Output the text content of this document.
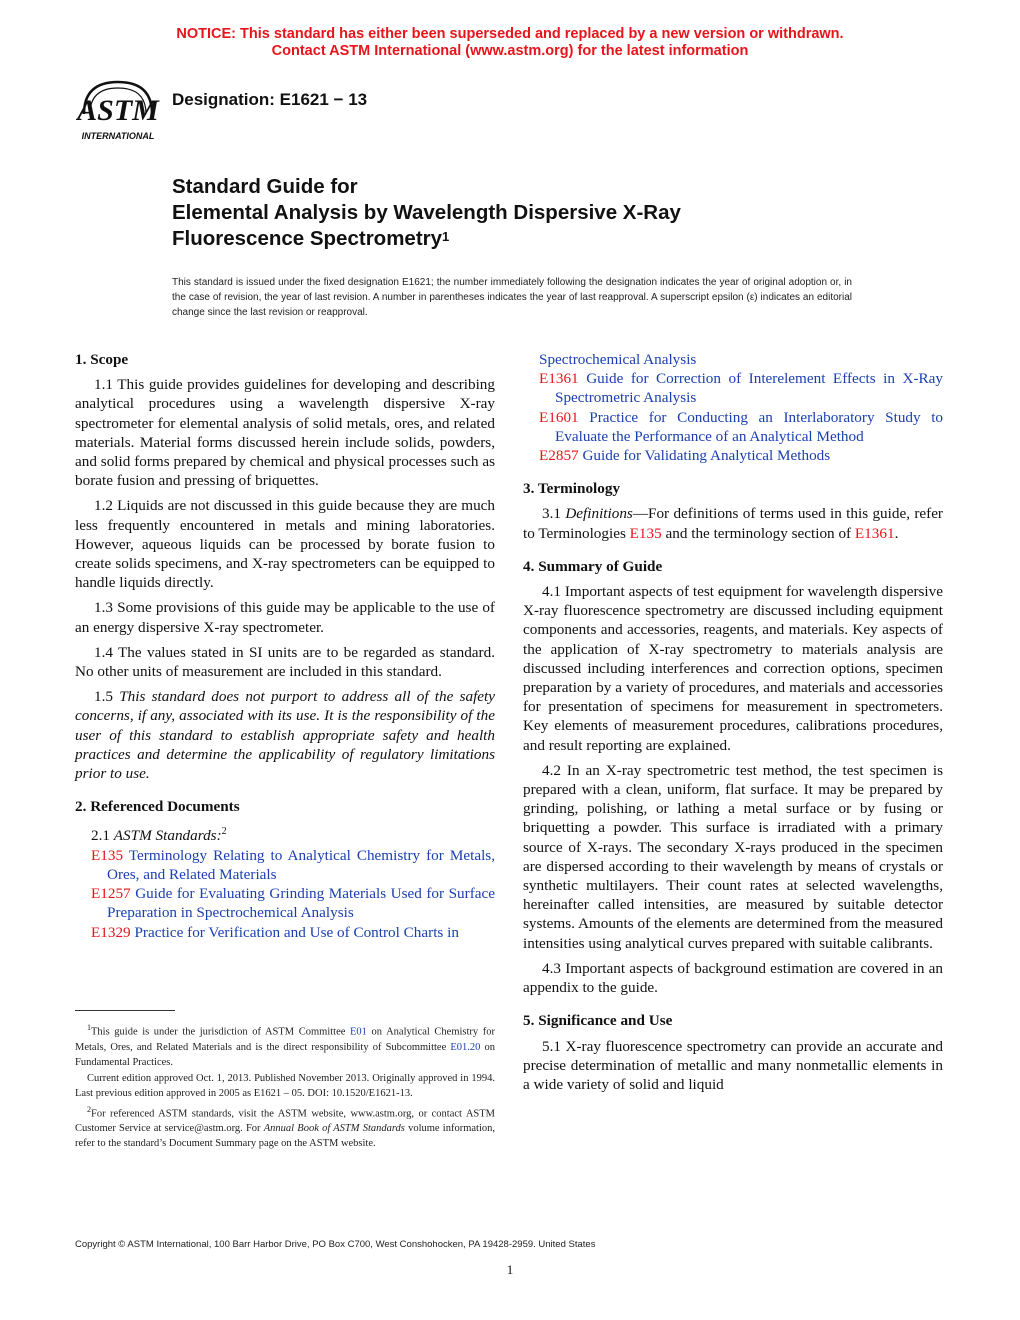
NOTICE: This standard has either been superseded and replaced by a new version or withdrawn.
Contact ASTM International (www.astm.org) for the latest information
ASTM
INTERNATIONAL
Designation: E1621 − 13
Standard Guide for
Elemental Analysis by Wavelength Dispersive X-Ray
Fluorescence Spectrometry$^1$
This standard is issued under the fixed designation E1621; the number immediately following the designation indicates the year of original adoption or, in the case of revision, the year of last revision. A number in parentheses indicates the year of last reapproval. A superscript epsilon (ε) indicates an editorial change since the last revision or reapproval.
1. Scope

1.1 This guide provides guidelines for developing and describing analytical procedures using a wavelength dispersive X-ray spectrometer for elemental analysis of solid metals, ores, and related materials. Material forms discussed herein include solids, powders, and solid forms prepared by chemical and physical processes such as borate fusion and pressing of briquettes.

1.2 Liquids are not discussed in this guide because they are much less frequently encountered in metals and mining laboratories. However, aqueous liquids can be processed by borate fusion to create solids specimens, and X-ray spectrometers can be equipped to handle liquids directly.

1.3 Some provisions of this guide may be applicable to the use of an energy dispersive X-ray spectrometer.

1.4 The values stated in SI units are to be regarded as standard. No other units of measurement are included in this standard.

1.5 This standard does not purport to address all of the safety concerns, if any, associated with its use. It is the responsibility of the user of this standard to establish appropriate safety and health practices and determine the applicability of regulatory limitations prior to use.

2. Referenced Documents
2.1 ASTM Standards:$^2$
E135 Terminology Relating to Analytical Chemistry for Metals, Ores, and Related Materials
E1257 Guide for Evaluating Grinding Materials Used for Surface Preparation in Spectrochemical Analysis
E1329 Practice for Verification and Use of Control Charts in
Spectrochemical Analysis
E1361 Guide for Correction of Interelement Effects in X-Ray Spectrometric Analysis
E1601 Practice for Conducting an Interlaboratory Study to Evaluate the Performance of an Analytical Method
E2857 Guide for Validating Analytical Methods
3. Terminology

3.1 Definitions—For definitions of terms used in this guide, refer to Terminologies E135 and the terminology section of E1361.

4. Summary of Guide

4.1 Important aspects of test equipment for wavelength dispersive X-ray fluorescence spectrometry are discussed including equipment components and accessories, reagents, and materials. Key aspects of the application of X-ray spectrometry to materials analysis are discussed including interferences and correction options, specimen preparation by a variety of procedures, and materials and accessories for presentation of specimens for measurement in spectrometers. Key elements of measurement procedures, calibrations procedures, and result reporting are explained.

4.2 In an X-ray spectrometric test method, the test specimen is prepared with a clean, uniform, flat surface. It may be prepared by grinding, polishing, or lathing a metal surface or by fusing or briquetting a powder. This surface is irradiated with a primary source of X-rays. The secondary X-rays produced in the specimen are dispersed according to their wavelength by means of crystals or synthetic multilayers. Their count rates at selected wavelengths, hereinafter called intensities, are measured by suitable detector systems. Amounts of the elements are determined from the measured intensities using analytical curves prepared with suitable calibrants.

4.3 Important aspects of background estimation are covered in an appendix to the guide.

5. Significance and Use

5.1 X-ray fluorescence spectrometry can provide an accurate and precise determination of metallic and many nonmetallic elements in a wide variety of solid and liquid

$^1$This guide is under the jurisdiction of ASTM Committee E01 on Analytical Chemistry for Metals, Ores, and Related Materials and is the direct responsibility of Subcommittee E01.20 on Fundamental Practices.

Current edition approved Oct. 1, 2013. Published November 2013. Originally approved in 1994. Last previous edition approved in 2005 as E1621 – 05. DOI: 10.1520/E1621-13.

$^2$For referenced ASTM standards, visit the ASTM website, www.astm.org, or contact ASTM Customer Service at service@astm.org. For Annual Book of ASTM Standards volume information, refer to the standard’s Document Summary page on the ASTM website.

Copyright © ASTM International, 100 Barr Harbor Drive, PO Box C700, West Conshohocken, PA 19428-2959. United States
1
